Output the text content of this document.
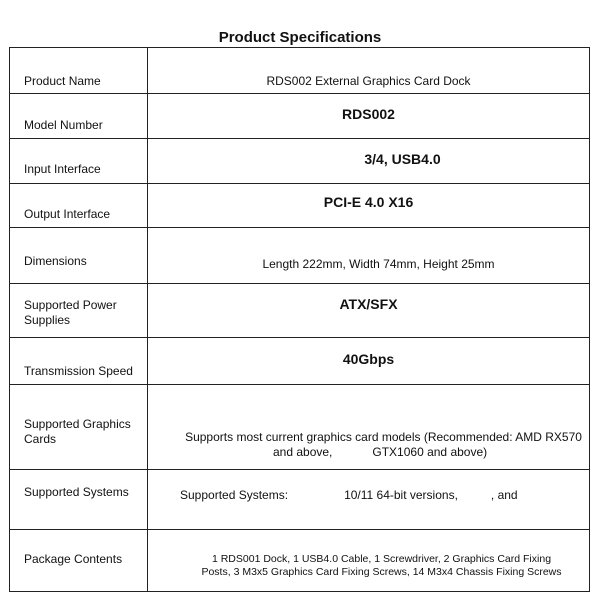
Product Specifications
Product Name	RDS002 External Graphics Card Dock

Model Number	RDS002

Input Interface	3/4, USB4.0

Output Interface	PCI-E 4.0 X16

Dimensions	Length 222mm, Width 74mm, Height 25mm

Supported Power Supplies	ATX/SFX

Transmission Speed	40Gbps

Supported Graphics Cards	Supports most current graphics card models (Recommended: AMD RX570
and above, GTX1060 and above)

Supported Systems	Supported Systems: 10/11 64-bit versions, , and

Package Contents	1 RDS001 Dock, 1 USB4.0 Cable, 1 Screwdriver, 2 Graphics Card Fixing
Posts, 3 M3x5 Graphics Card Fixing Screws, 14 M3x4 Chassis Fixing Screws
